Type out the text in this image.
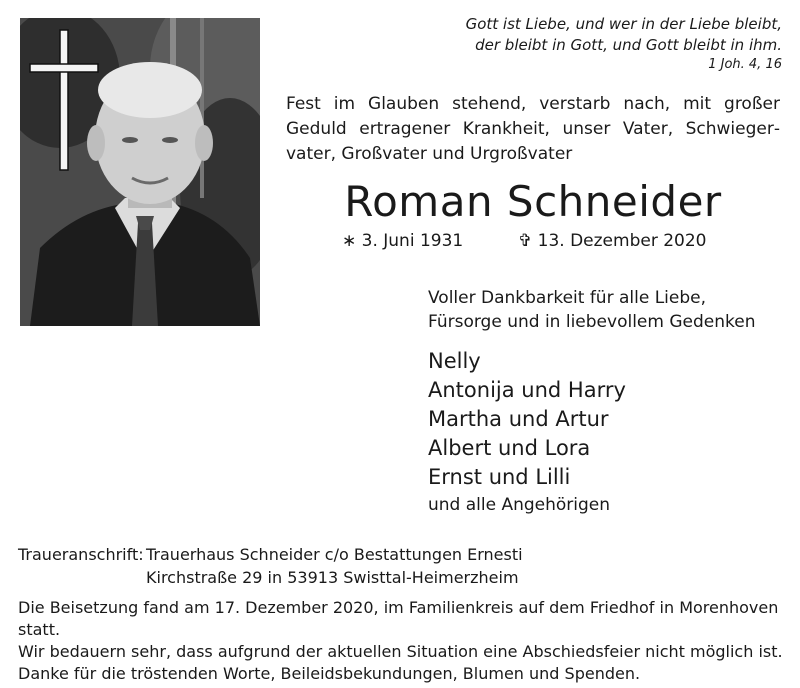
Gott ist Liebe, und wer in der Liebe bleibt,
der bleibt in Gott, und Gott bleibt in ihm.
1 Joh. 4, 16
Fest im Glauben stehend, verstarb nach, mit großer Geduld ertragener Krankheit, unser Vater, Schwiegervater, Großvater und Urgroßvater
Roman Schneider
∗ 3. Juni 1931	✞ 13. Dezember 2020
Voller Dankbarkeit für alle Liebe,
Fürsorge und in liebevollem Gedenken
Nelly
Antonija und Harry
Martha und Artur
Albert und Lora
Ernst und Lilli
und alle Angehörigen
Traueranschrift: Trauerhaus Schneider c/o Bestattungen Ernesti
Kirchstraße 29 in 53913 Swisttal-Heimerzheim

Die Beisetzung fand am 17. Dezember 2020, im Familienkreis auf dem Friedhof in Morenhoven statt.

Wir bedauern sehr, dass aufgrund der aktuellen Situation eine Abschiedsfeier nicht möglich ist.

Danke für die tröstenden Worte, Beileidsbekundungen, Blumen und Spenden.
